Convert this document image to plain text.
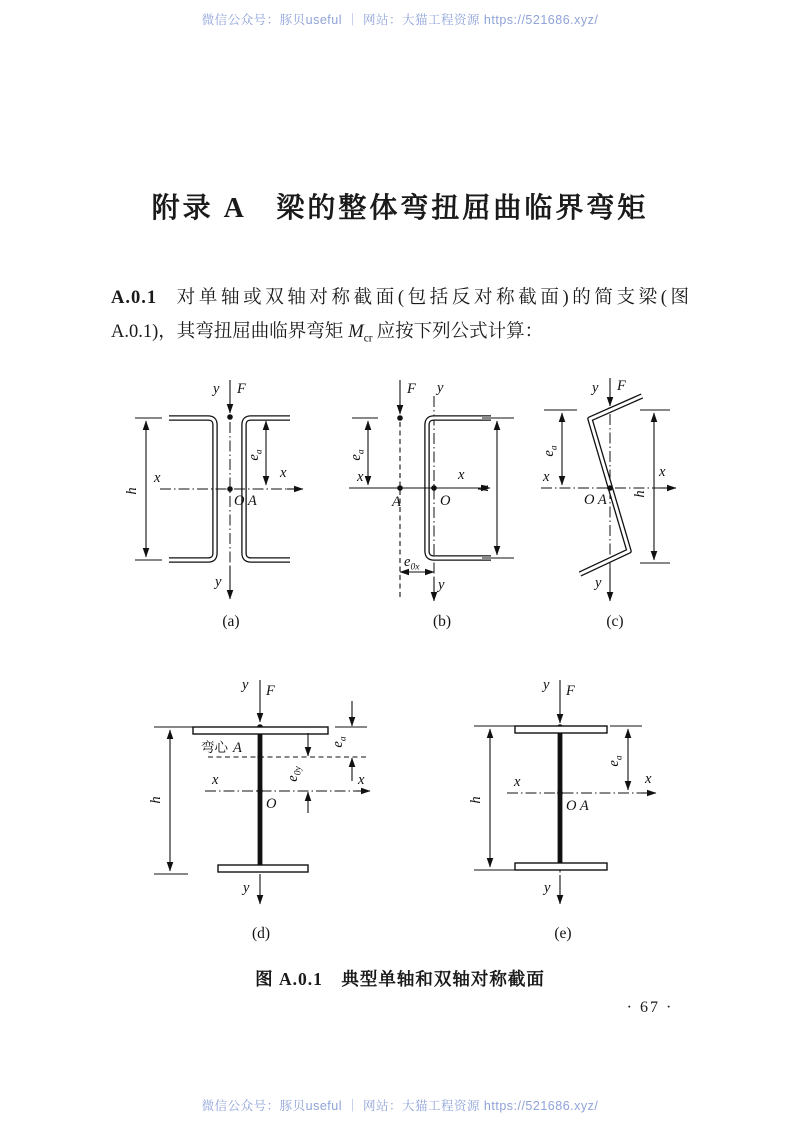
微信公众号：豚贝useful ｜ 网站：大猫工程资源 https://521686.xyz/
附录 A　梁的整体弯扭屈曲临界弯矩
A.0.1 对单轴或双轴对称截面(包括反对称截面)的简支梁(图
A.0.1)，其弯扭屈曲临界弯矩 $M_{cr}$ 应按下列公式计算：
y F
y
h
x	x
O A
$e_a$
(a)
F y
y
$e_a$
x	x
A	O
h
$e_{0x}$
(b)
y F
y
$e_a$
x	x
O A h
(c)
y F
y
弯心 A
x	x
O
h
$e_a$
$e_{0y}$
(d)
y F
y
h
$e_a$
x	x
O A
(e)
图 A.0.1　典型单轴和双轴对称截面
· 67 ·
微信公众号：豚贝useful ｜ 网站：大猫工程资源 https://521686.xyz/
